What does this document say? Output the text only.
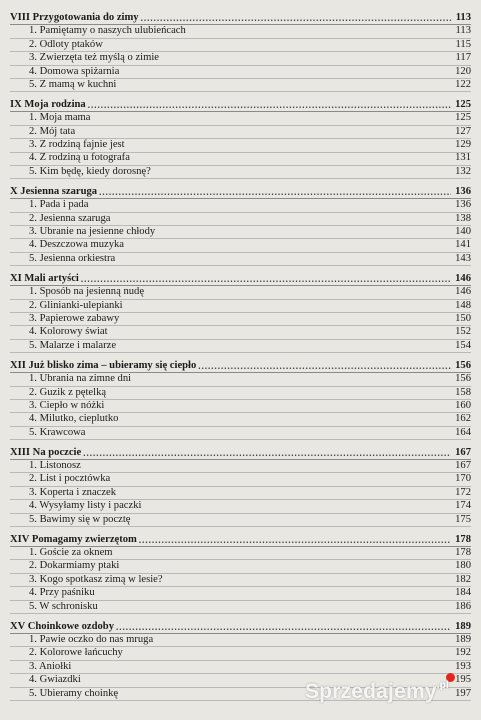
VIII Przygotowania do zimy .....	113
1. Pamiętamy o naszych ulubieńcach	113
2. Odloty ptaków	115
3. Zwierzęta też myślą o zimie	117
4. Domowa spiżarnia	120
5. Z mamą w kuchni	122
IX Moja rodzina .....	125
1. Moja mama	125
2. Mój tata	127
3. Z rodziną fajnie jest	129
4. Z rodziną u fotografa	131
5. Kim będę, kiedy dorosnę?	132
X Jesienna szaruga .....	136
1. Pada i pada	136
2. Jesienna szaruga	138
3. Ubranie na jesienne chłody	140
4. Deszczowa muzyka	141
5. Jesienna orkiestra	143
XI Mali artyści .....	146
1. Sposób na jesienną nudę	146
2. Glinianki-ulepianki	148
3. Papierowe zabawy	150
4. Kolorowy świat	152
5. Malarze i malarze	154
XII Już blisko zima – ubieramy się ciepło .....	156
1. Ubrania na zimne dni	156
2. Guzik z pętelką	158
3. Ciepło w nóżki	160
4. Milutko, cieplutko	162
5. Krawcowa	164
XIII Na poczcie .....	167
1. Listonosz	167
2. List i pocztówka	170
3. Koperta i znaczek	172
4. Wysyłamy listy i paczki	174
5. Bawimy się w pocztę	175
XIV Pomagamy zwierzętom .....	178
1. Goście za oknem	178
2. Dokarmiamy ptaki	180
3. Kogo spotkasz zimą w lesie?	182
4. Przy paśniku	184
5. W schronisku	186
XV Choinkowe ozdoby .....	189
1. Pawie oczko do nas mruga	189
2. Kolorowe łańcuchy	192
3. Aniołki	193
4. Gwiazdki	195
5. Ubieramy choinkę	197
Sprzedajemy$^{.pl}$
